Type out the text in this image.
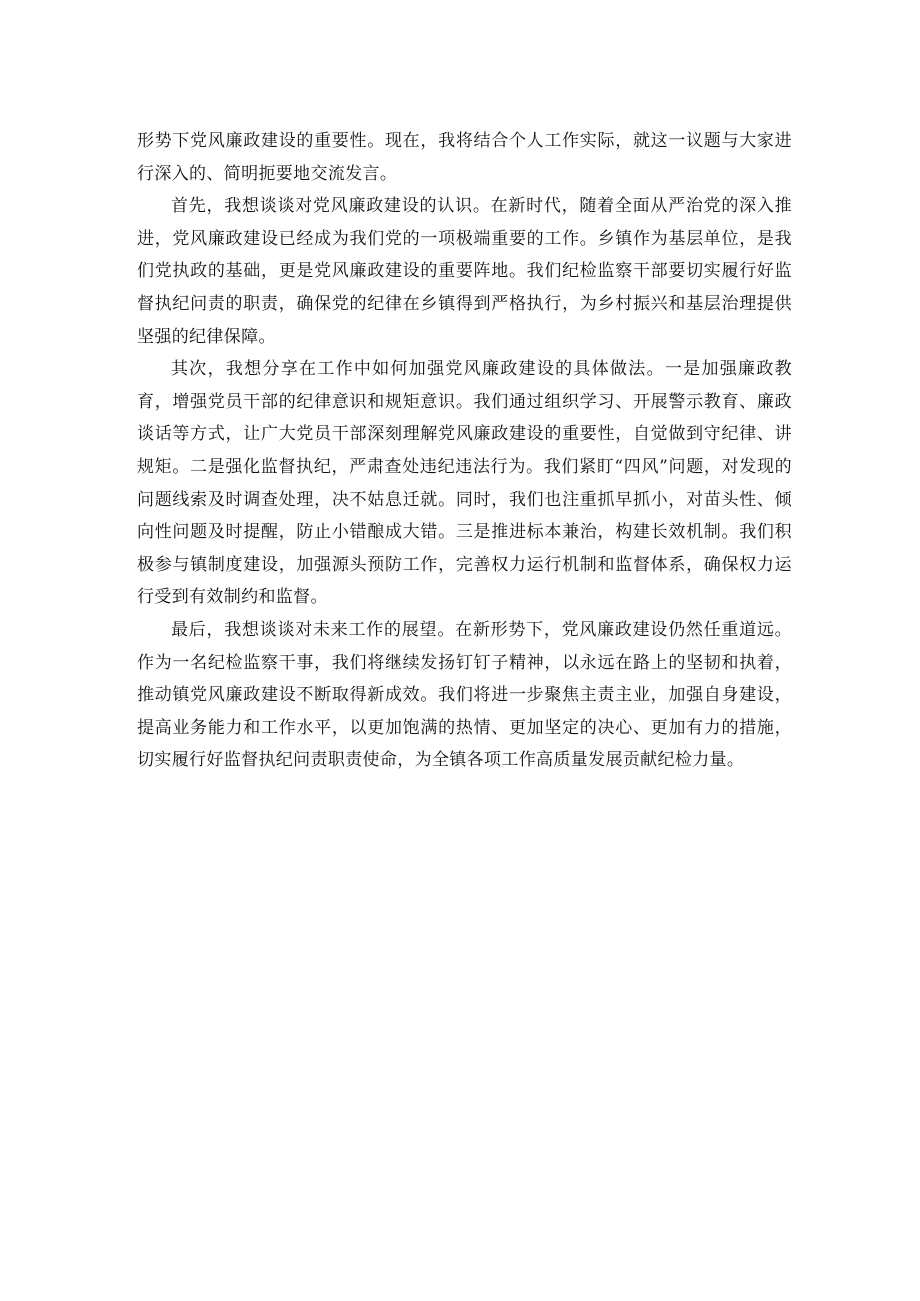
形势下党风廉政建设的重要性。现在，我将结合个人工作实际，就这一议题与大家进行深入的、简明扼要地交流发言。

首先，我想谈谈对党风廉政建设的认识。在新时代，随着全面从严治党的深入推进，党风廉政建设已经成为我们党的一项极端重要的工作。乡镇作为基层单位，是我们党执政的基础，更是党风廉政建设的重要阵地。我们纪检监察干部要切实履行好监督执纪问责的职责，确保党的纪律在乡镇得到严格执行，为乡村振兴和基层治理提供坚强的纪律保障。

其次，我想分享在工作中如何加强党风廉政建设的具体做法。一是加强廉政教育，增强党员干部的纪律意识和规矩意识。我们通过组织学习、开展警示教育、廉政谈话等方式，让广大党员干部深刻理解党风廉政建设的重要性，自觉做到守纪律、讲规矩。二是强化监督执纪，严肃查处违纪违法行为。我们紧盯“四风”问题，对发现的问题线索及时调查处理，决不姑息迁就。同时，我们也注重抓早抓小，对苗头性、倾向性问题及时提醒，防止小错酿成大错。三是推进标本兼治，构建长效机制。我们积极参与镇制度建设，加强源头预防工作，完善权力运行机制和监督体系，确保权力运行受到有效制约和监督。

最后，我想谈谈对未来工作的展望。在新形势下，党风廉政建设仍然任重道远。作为一名纪检监察干事，我们将继续发扬钉钉子精神，以永远在路上的坚韧和执着，推动镇党风廉政建设不断取得新成效。我们将进一步聚焦主责主业，加强自身建设，提高业务能力和工作水平，以更加饱满的热情、更加坚定的决心、更加有力的措施，切实履行好监督执纪问责职责使命，为全镇各项工作高质量发展贡献纪检力量。
